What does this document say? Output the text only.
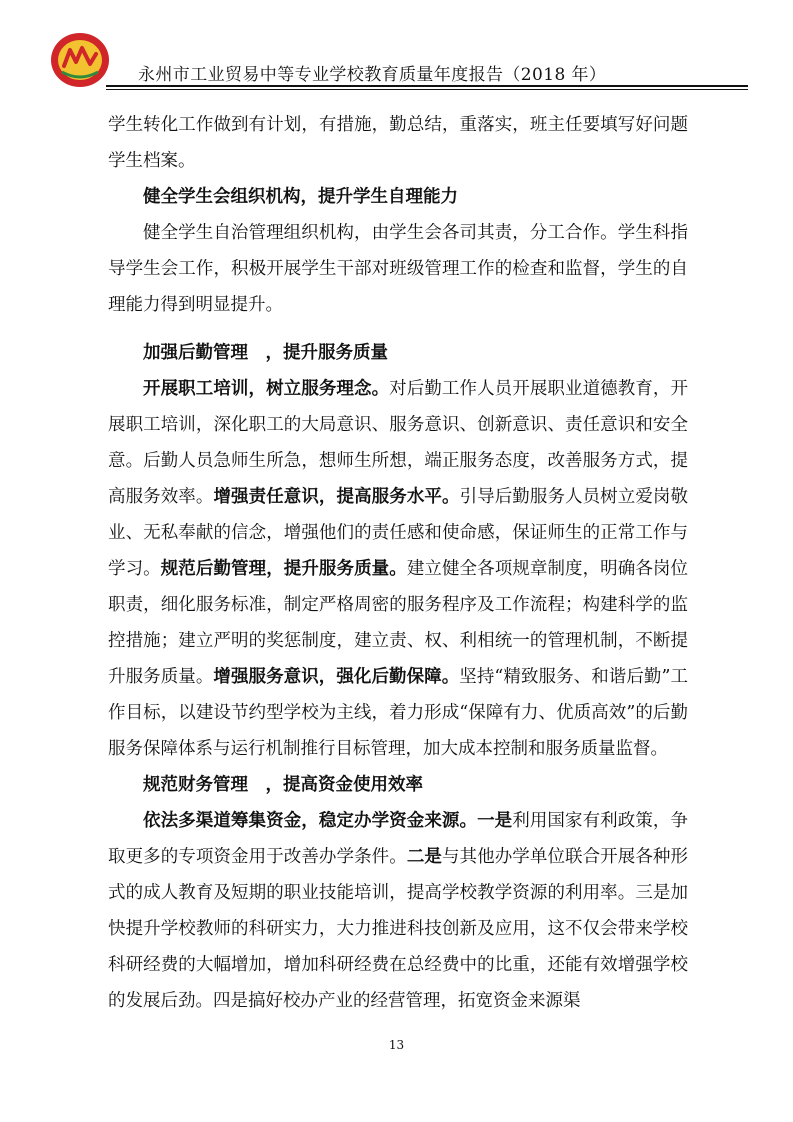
永州市工业贸易中等专业学校教育质量年度报告（2018 年）

学生转化工作做到有计划，有措施，勤总结，重落实，班主任要填写好问题学生档案。

健全学生会组织机构，提升学生自理能力

健全学生自治管理组织机构，由学生会各司其责，分工合作。学生科指导学生会工作，积极开展学生干部对班级管理工作的检查和监督，学生的自理能力得到明显提升。

加强后勤管理　，提升服务质量

开展职工培训，树立服务理念。对后勤工作人员开展职业道德教育，开展职工培训，深化职工的大局意识、服务意识、创新意识、责任意识和安全意。后勤人员急师生所急，想师生所想，端正服务态度，改善服务方式，提高服务效率。增强责任意识，提高服务水平。引导后勤服务人员树立爱岗敬业、无私奉献的信念，增强他们的责任感和使命感，保证师生的正常工作与学习。规范后勤管理，提升服务质量。建立健全各项规章制度，明确各岗位职责，细化服务标准，制定严格周密的服务程序及工作流程；构建科学的监控措施；建立严明的奖惩制度，建立责、权、利相统一的管理机制，不断提升服务质量。增强服务意识，强化后勤保障。坚持“精致服务、和谐后勤”工作目标，以建设节约型学校为主线，着力形成“保障有力、优质高效”的后勤服务保障体系与运行机制推行目标管理，加大成本控制和服务质量监督。

规范财务管理　，提高资金使用效率

依法多渠道筹集资金，稳定办学资金来源。一是利用国家有利政策，争取更多的专项资金用于改善办学条件。二是与其他办学单位联合开展各种形式的成人教育及短期的职业技能培训，提高学校教学资源的利用率。三是加快提升学校教师的科研实力，大力推进科技创新及应用，这不仅会带来学校科研经费的大幅增加，增加科研经费在总经费中的比重，还能有效增强学校的发展后劲。四是搞好校办产业的经营管理，拓宽资金来源渠

13
